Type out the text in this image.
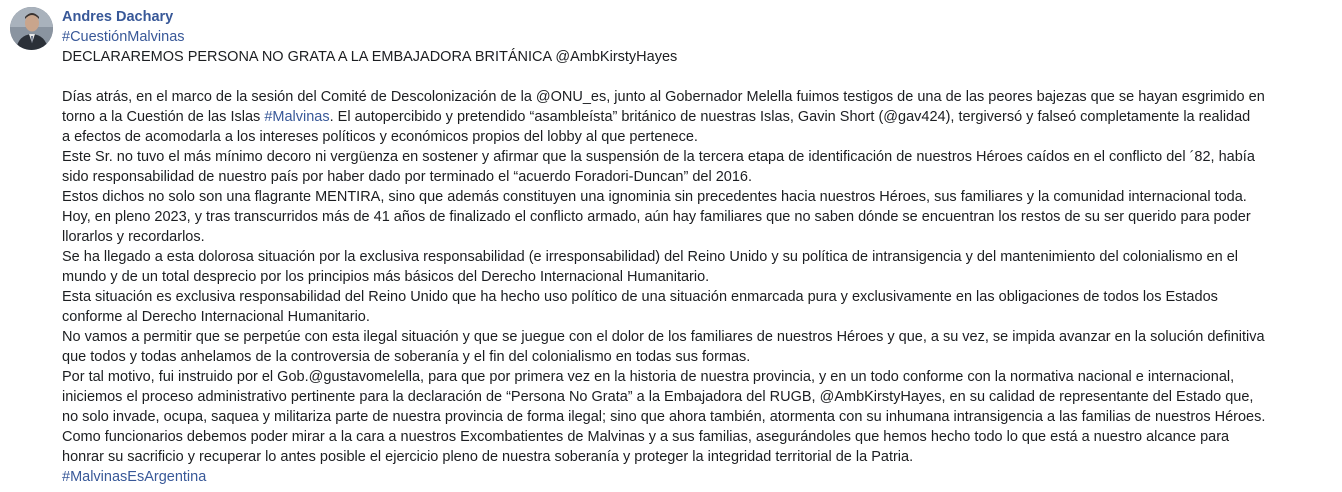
Andres Dachary
#CuestiónMalvinas
DECLARAREMOS PERSONA NO GRATA A LA EMBAJADORA BRITÁNICA @AmbKirstyHayes
Días atrás, en el marco de la sesión del Comité de Descolonización de la @ONU_es, junto al Gobernador Melella fuimos testigos de una de las peores bajezas que se hayan esgrimido en
torno a la Cuestión de las Islas #Malvinas. El autopercibido y pretendido “asambleísta” británico de nuestras Islas, Gavin Short (@gav424), tergiversó y falseó completamente la realidad
a efectos de acomodarla a los intereses políticos y económicos propios del lobby al que pertenece.
Este Sr. no tuvo el más mínimo decoro ni vergüenza en sostener y afirmar que la suspensión de la tercera etapa de identificación de nuestros Héroes caídos en el conflicto del ´82, había
sido responsabilidad de nuestro país por haber dado por terminado el “acuerdo Foradori-Duncan” del 2016.
Estos dichos no solo son una flagrante MENTIRA, sino que además constituyen una ignominia sin precedentes hacia nuestros Héroes, sus familiares y la comunidad internacional toda.
Hoy, en pleno 2023, y tras transcurridos más de 41 años de finalizado el conflicto armado, aún hay familiares que no saben dónde se encuentran los restos de su ser querido para poder
llorarlos y recordarlos.
Se ha llegado a esta dolorosa situación por la exclusiva responsabilidad (e irresponsabilidad) del Reino Unido y su política de intransigencia y del mantenimiento del colonialismo en el
mundo y de un total desprecio por los principios más básicos del Derecho Internacional Humanitario.
Esta situación es exclusiva responsabilidad del Reino Unido que ha hecho uso político de una situación enmarcada pura y exclusivamente en las obligaciones de todos los Estados
conforme al Derecho Internacional Humanitario.
No vamos a permitir que se perpetúe con esta ilegal situación y que se juegue con el dolor de los familiares de nuestros Héroes y que, a su vez, se impida avanzar en la solución definitiva
que todos y todas anhelamos de la controversia de soberanía y el fin del colonialismo en todas sus formas.
Por tal motivo, fui instruido por el Gob.@gustavomelella, para que por primera vez en la historia de nuestra provincia, y en un todo conforme con la normativa nacional e internacional,
iniciemos el proceso administrativo pertinente para la declaración de “Persona No Grata” a la Embajadora del RUGB, @AmbKirstyHayes, en su calidad de representante del Estado que,
no solo invade, ocupa, saquea y militariza parte de nuestra provincia de forma ilegal; sino que ahora también, atormenta con su inhumana intransigencia a las familias de nuestros Héroes.
Como funcionarios debemos poder mirar a la cara a nuestros Excombatientes de Malvinas y a sus familias, asegurándoles que hemos hecho todo lo que está a nuestro alcance para
honrar su sacrificio y recuperar lo antes posible el ejercicio pleno de nuestra soberanía y proteger la integridad territorial de la Patria.
#MalvinasEsArgentina
